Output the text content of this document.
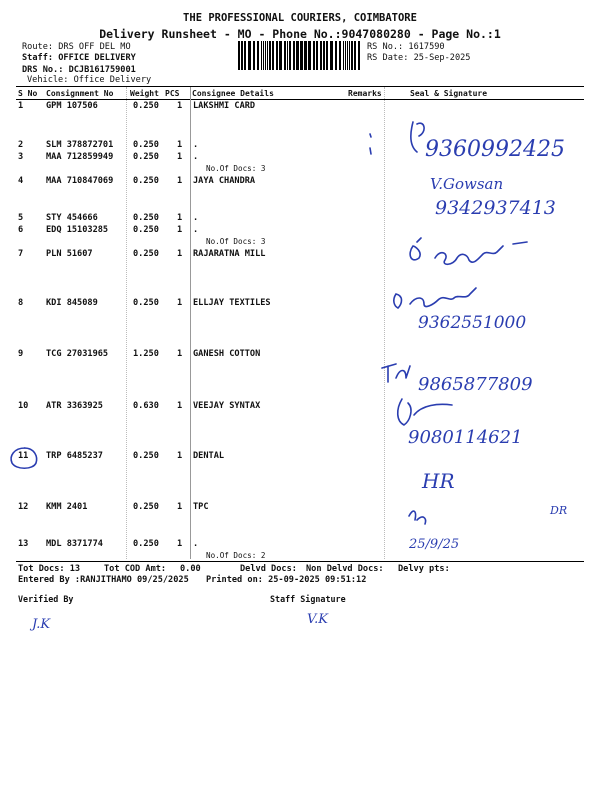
THE PROFESSIONAL COURIERS, COIMBATORE
Delivery Runsheet - MO - Phone No.:9047080280 - Page No.:1
Route: DRS OFF DEL MO
Staff: OFFICE DELIVERY
DRS No.: DCJB161759001
Vehicle: Office Delivery
RS No.: 1617590
RS Date: 25-Sep-2025
S No Consignment No Weight PCS Consignee Details	Remarks	Seal & Signature
1	GPM 107506	0.250 1 LAKSHMI CARD
2	SLM 378872701 0.250 1 .
3	MAA 712859949 0.250 1 .
No.Of Docs: 3
4	MAA 710847069 0.250 1 JAYA CHANDRA
5	STY 454666	0.250 1 .
6	EDQ 15103285	0.250 1 .
No.Of Docs: 3
7	PLN 51607	0.250 1 RAJARATNA MILL
8	KDI 845089	0.250 1 ELLJAY TEXTILES
9	TCG 27031965	1.250 1 GANESH COTTON
10 ATR 3363925	0.630 1 VEEJAY SYNTAX
11 TRP 6485237	0.250 1 DENTAL
12 KMM 2401	0.250 1 TPC
13 MDL 8371774	0.250 1 .
No.Of Docs: 2
9360992425
V.Gowsan
9342937413
9362551000
9865877809
9080114621
HR
25/9/25
DR
Tot Docs: 13	Tot COD Amt: 0.00	Delvd Docs: Non Delvd Docs: Delvy pts:
Entered By :RANJITHAMO 09/25/2025 Printed on: 25-09-2025 09:51:12
Verified By	Staff Signature
J.K	V.K
